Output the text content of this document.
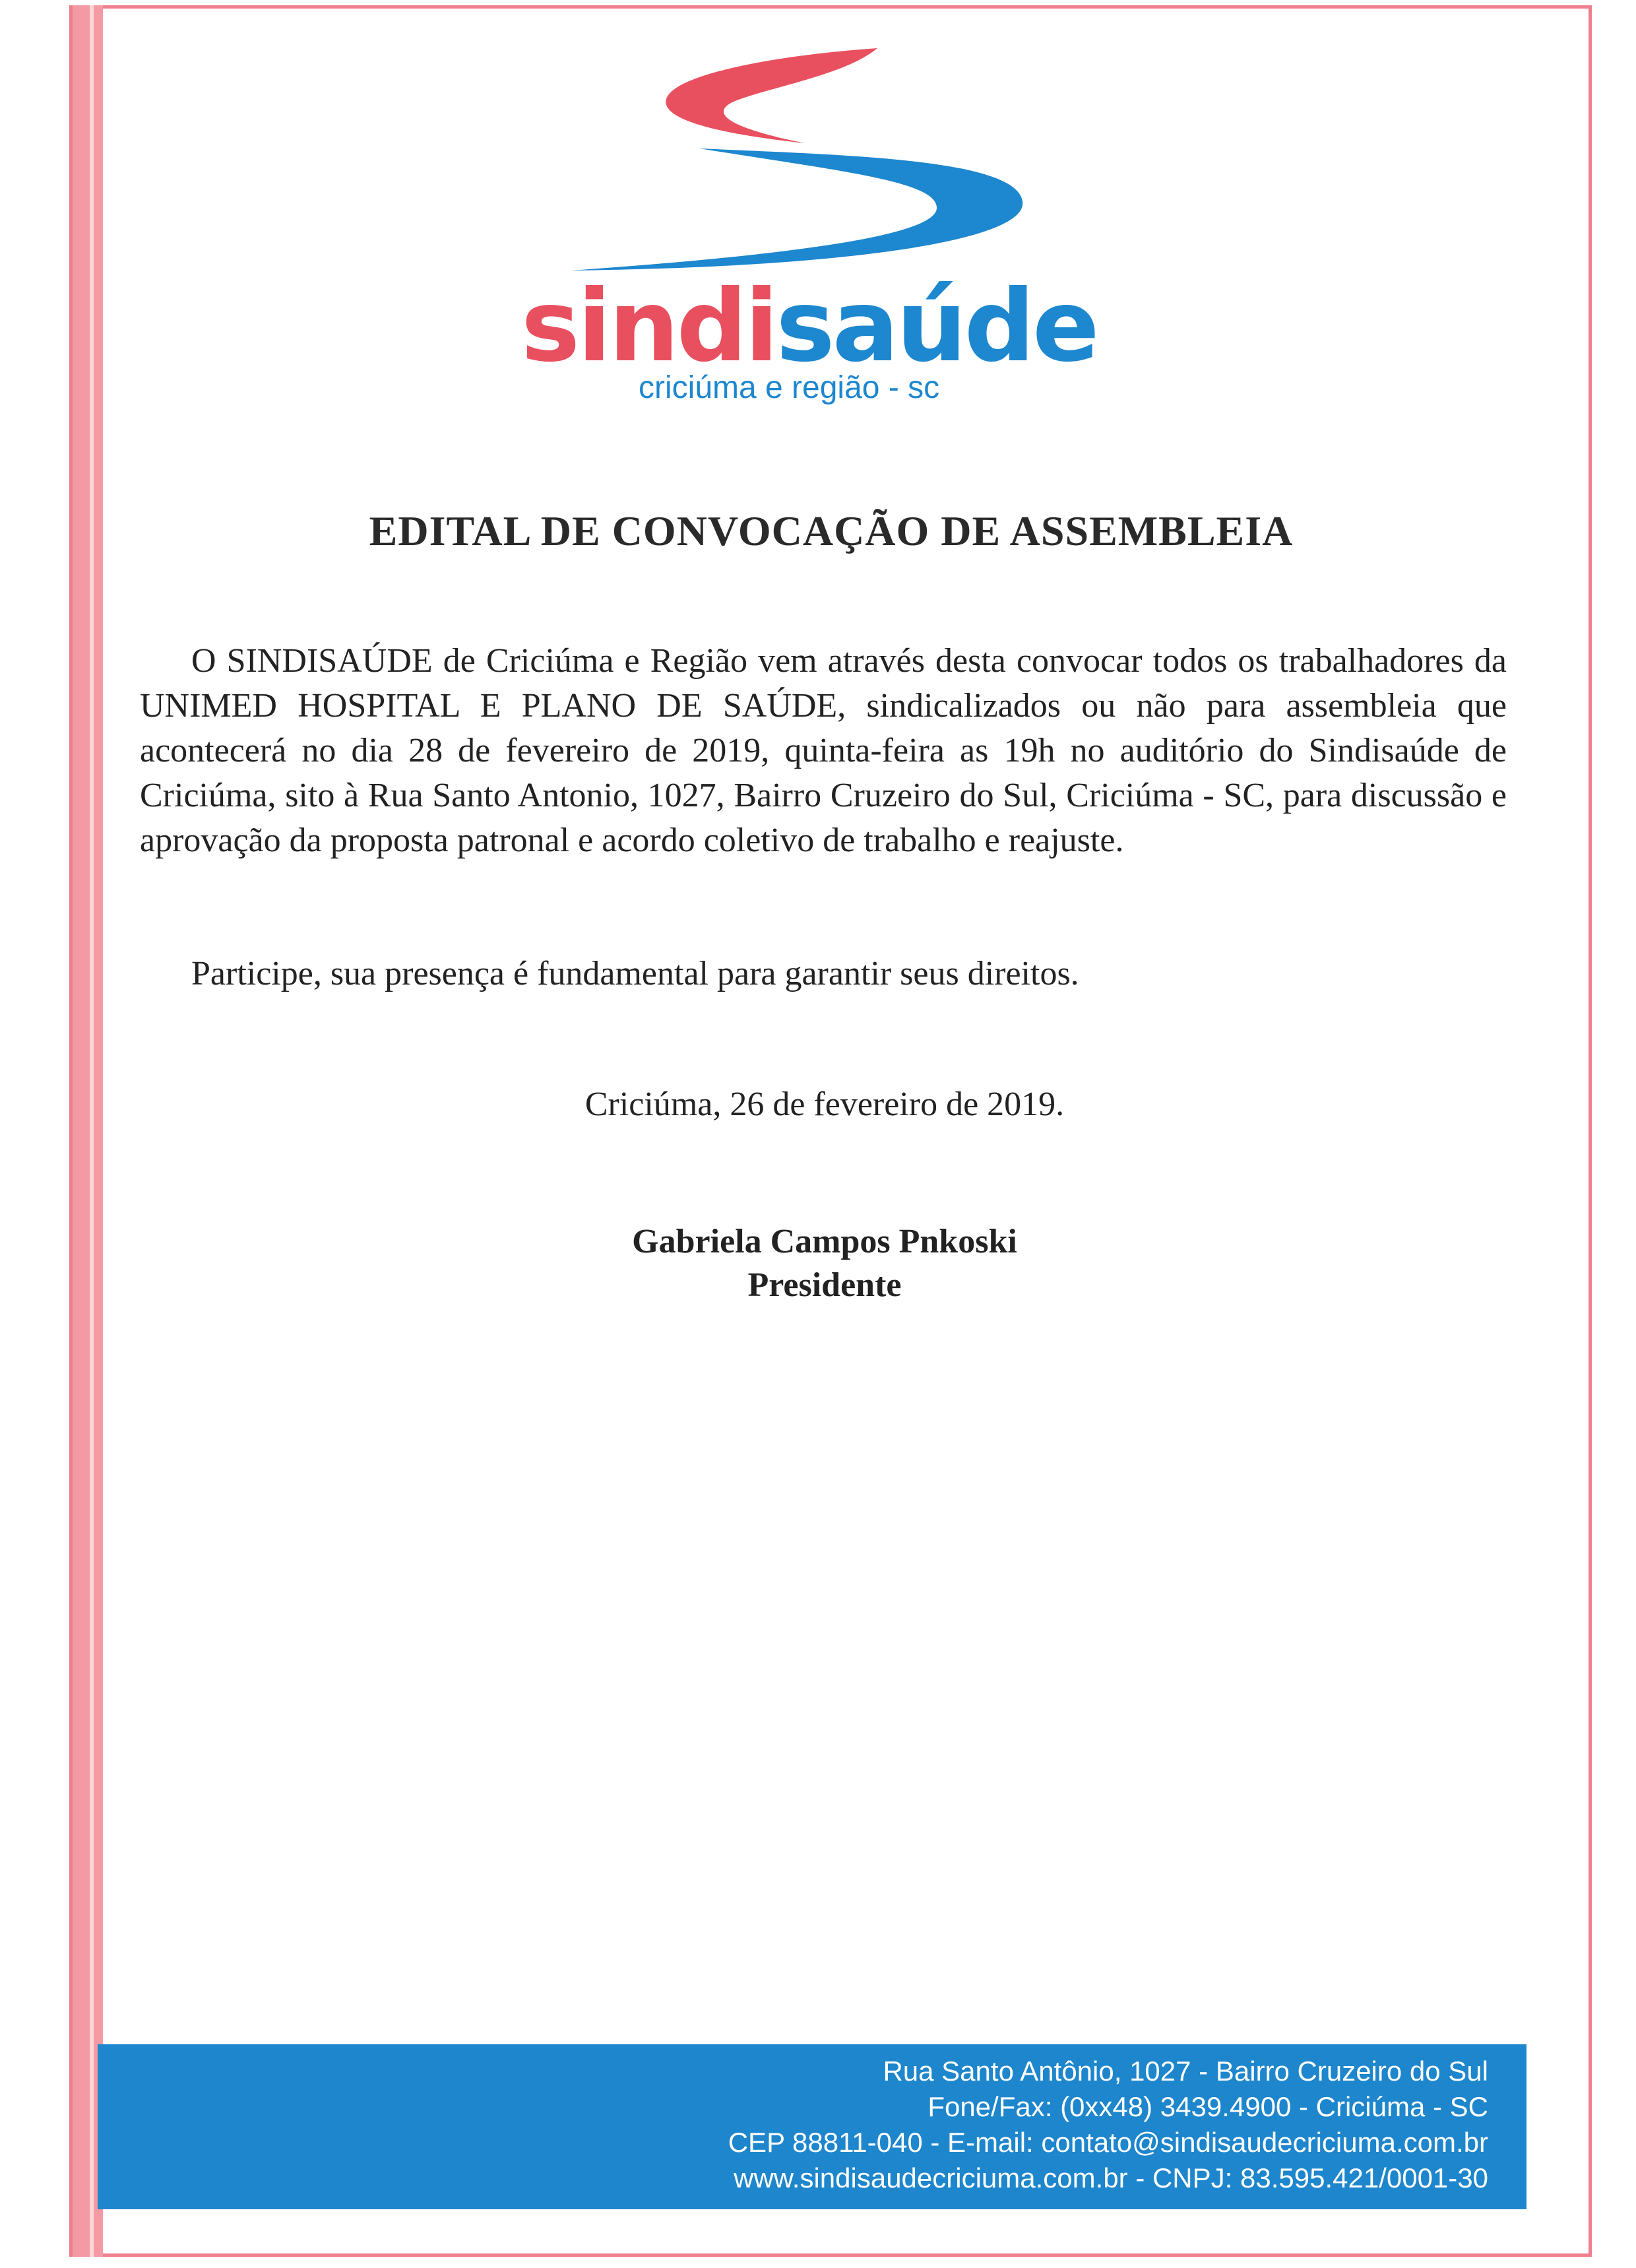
sindisaúde
criciúma e região - sc
EDITAL DE CONVOCAÇÃO DE ASSEMBLEIA
O SINDISAÚDE de Criciúma e Região vem através desta convocar todos os trabalhadores da UNIMED HOSPITAL E PLANO DE SAÚDE, sindicalizados ou não para assembleia que acontecerá no dia 28 de fevereiro de 2019, quinta-feira as 19h no auditório do Sindisaúde de Criciúma, sito à Rua Santo Antonio, 1027, Bairro Cruzeiro do Sul, Criciúma - SC, para discussão e aprovação da proposta patronal e acordo coletivo de trabalho e reajuste.
Participe, sua presença é fundamental para garantir seus direitos.
Criciúma, 26 de fevereiro de 2019.
Gabriela Campos Pnkoski
Presidente
Rua Santo Antônio, 1027 - Bairro Cruzeiro do Sul
Fone/Fax: (0xx48) 3439.4900 - Criciúma - SC
CEP 88811-040 - E-mail: contato@sindisaudecriciuma.com.br
www.sindisaudecriciuma.com.br - CNPJ: 83.595.421/0001-30
